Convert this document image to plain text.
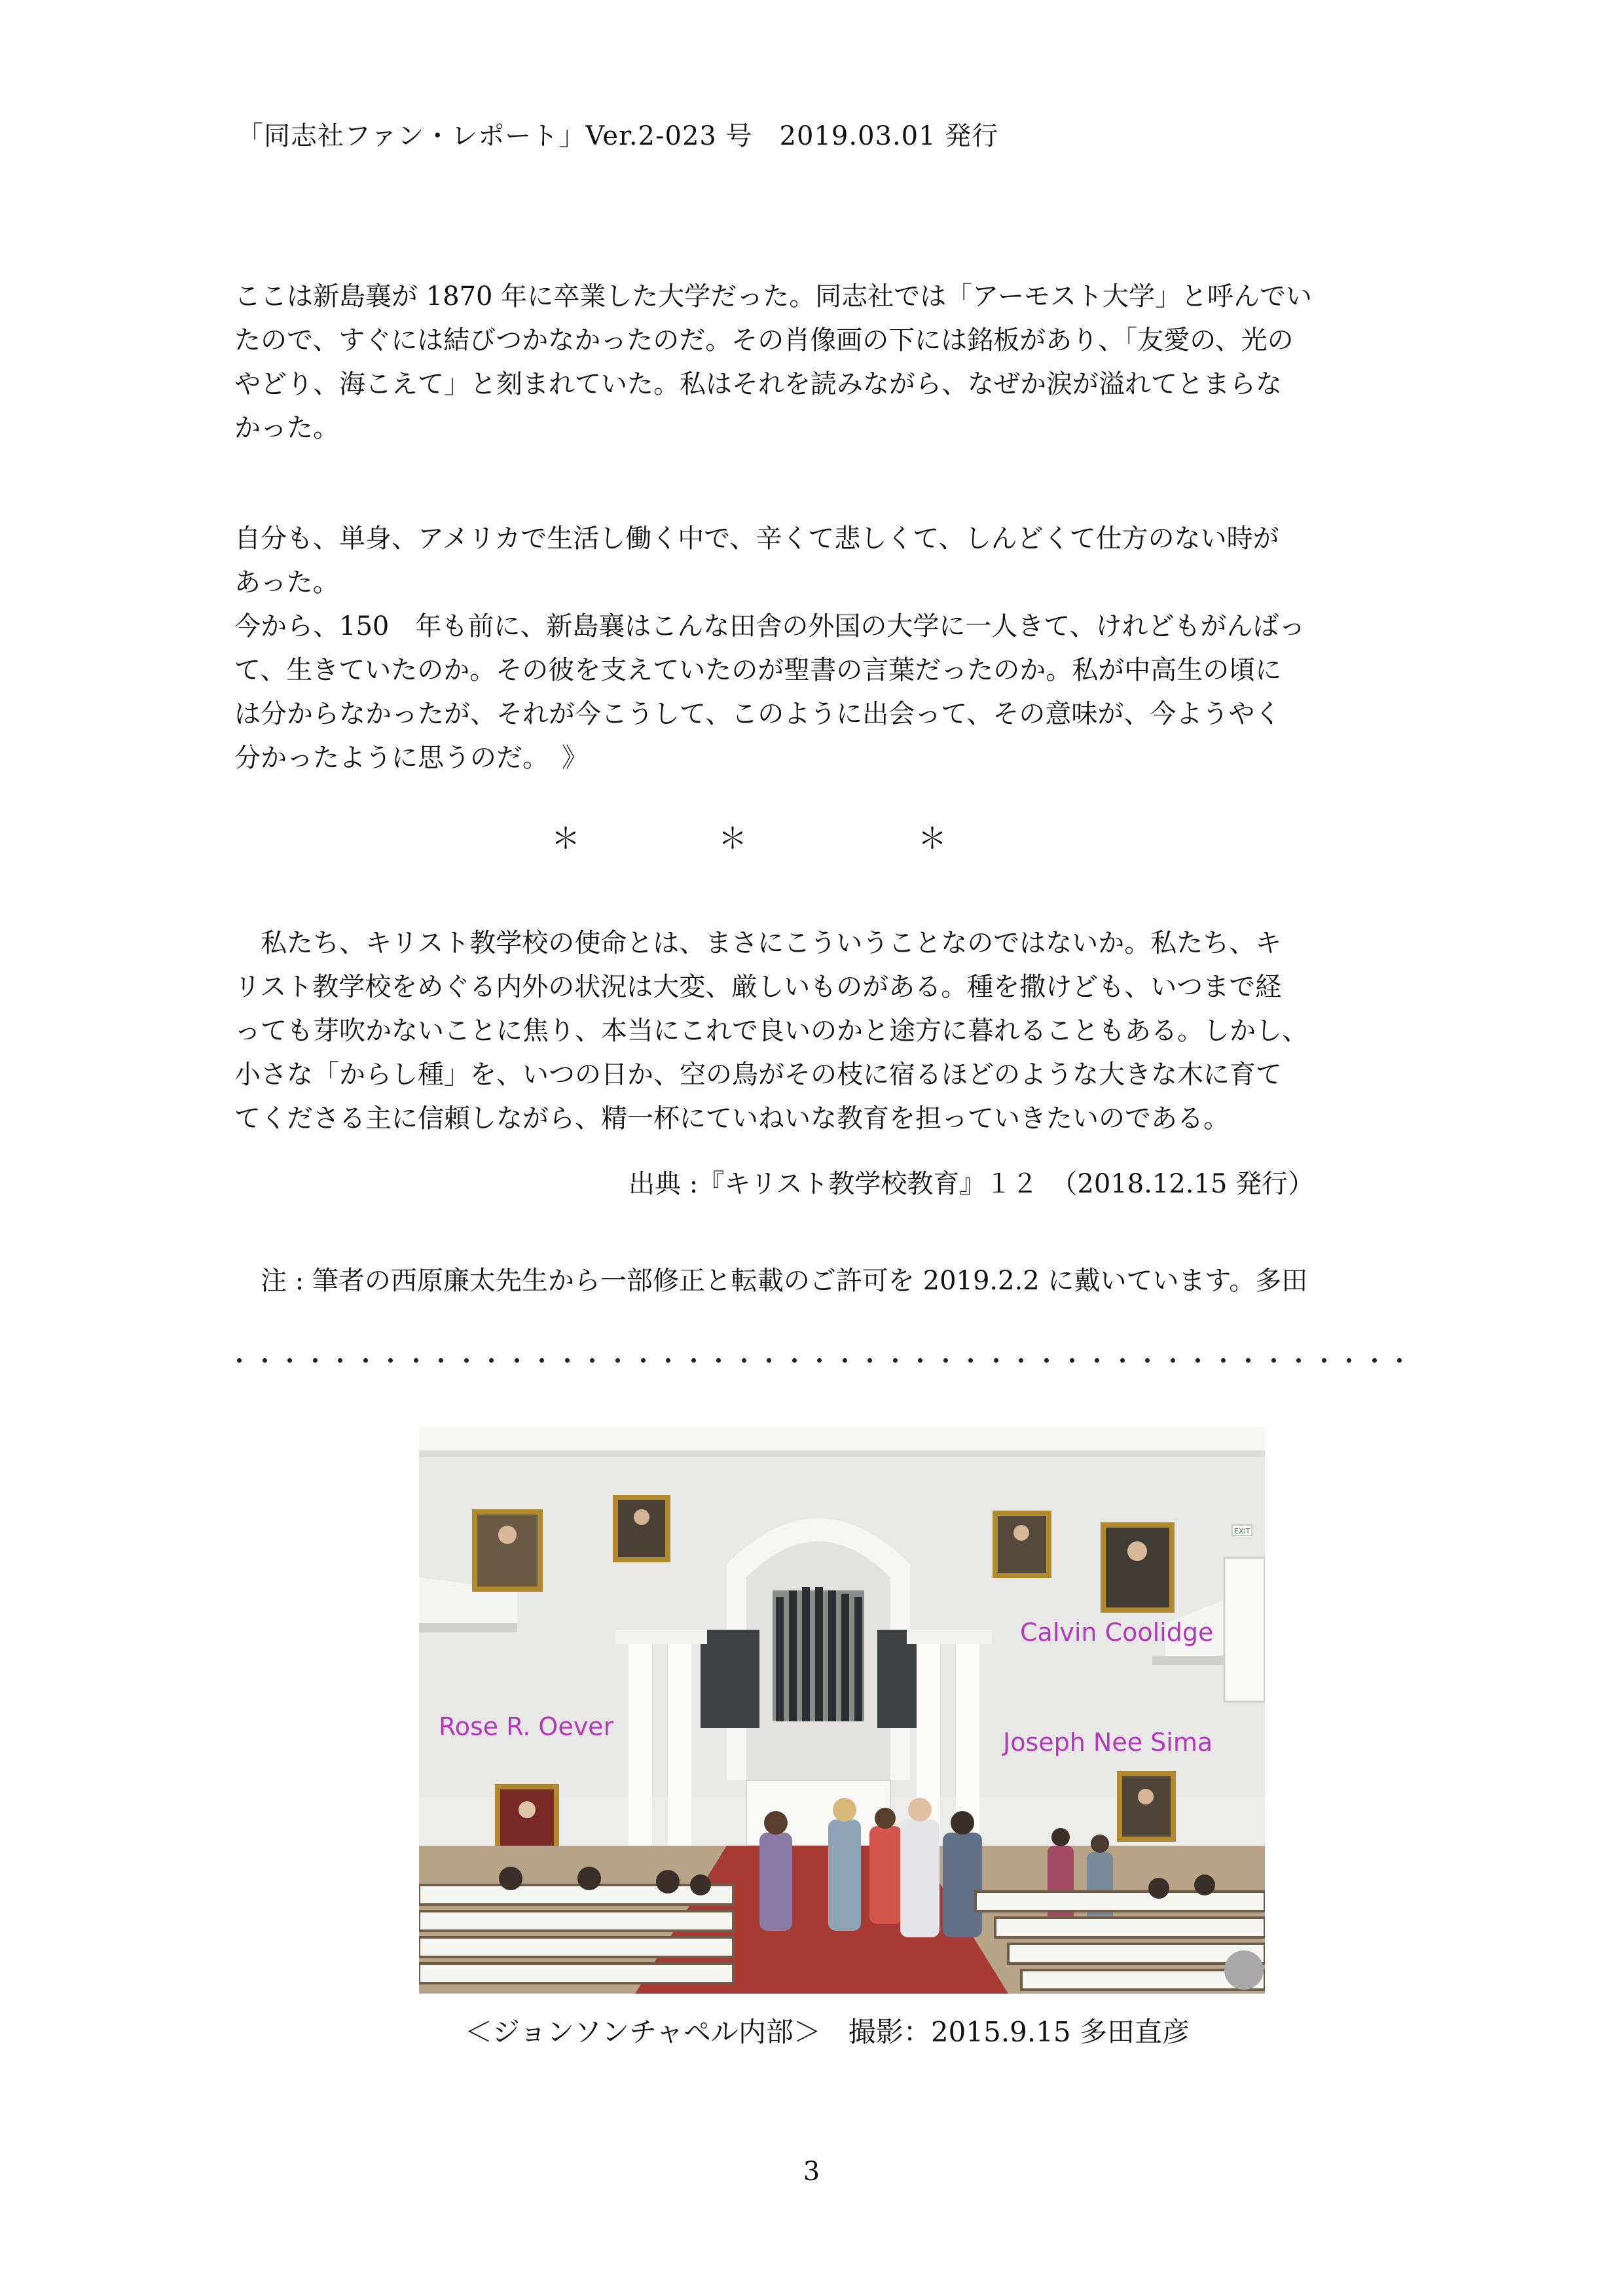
「同志社ファン・レポート」Ver.2-023 号　2019.03.01 発行
ここは新島襄が 1870 年に卒業した大学だった。同志社では「アーモスト大学」と呼んでい
たので、すぐには結びつかなかったのだ。その肖像画の下には銘板があり、「友愛の、光の
やどり、海こえて」と刻まれていた。私はそれを読みながら、なぜか涙が溢れてとまらな
かった。
自分も、単身、アメリカで生活し働く中で、辛くて悲しくて、しんどくて仕方のない時が
あった。
今から、150　年も前に、新島襄はこんな田舎の外国の大学に一人きて、けれどもがんばっ
て、生きていたのか。その彼を支えていたのが聖書の言葉だったのか。私が中高生の頃に
は分からなかったが、それが今こうして、このように出会って、その意味が、今ようやく
分かったように思うのだ。　》
＊	＊	＊
　私たち、キリスト教学校の使命とは、まさにこういうことなのではないか。私たち、キ
リスト教学校をめぐる内外の状況は大変、厳しいものがある。種を撒けども、いつまで経
っても芽吹かないことに焦り、本当にこれで良いのかと途方に暮れることもある。しかし、
小さな「からし種」を、いつの日か、空の鳥がその枝に宿るほどのような大きな木に育て
てくださる主に信頼しながら、精一杯にていねいな教育を担っていきたいのである。
出典 :『キリスト教学校教育』１２　（2018.12.15 発行）
注 : 筆者の西原廉太先生から一部修正と転載のご許可を 2019.2.2 に戴いています。多田
EXIT
Calvin Coolidge
Rose R. Oever
Joseph Nee Sima
＜ジョンソンチャペル内部＞　撮影：2015.9.15 多田直彦
3
